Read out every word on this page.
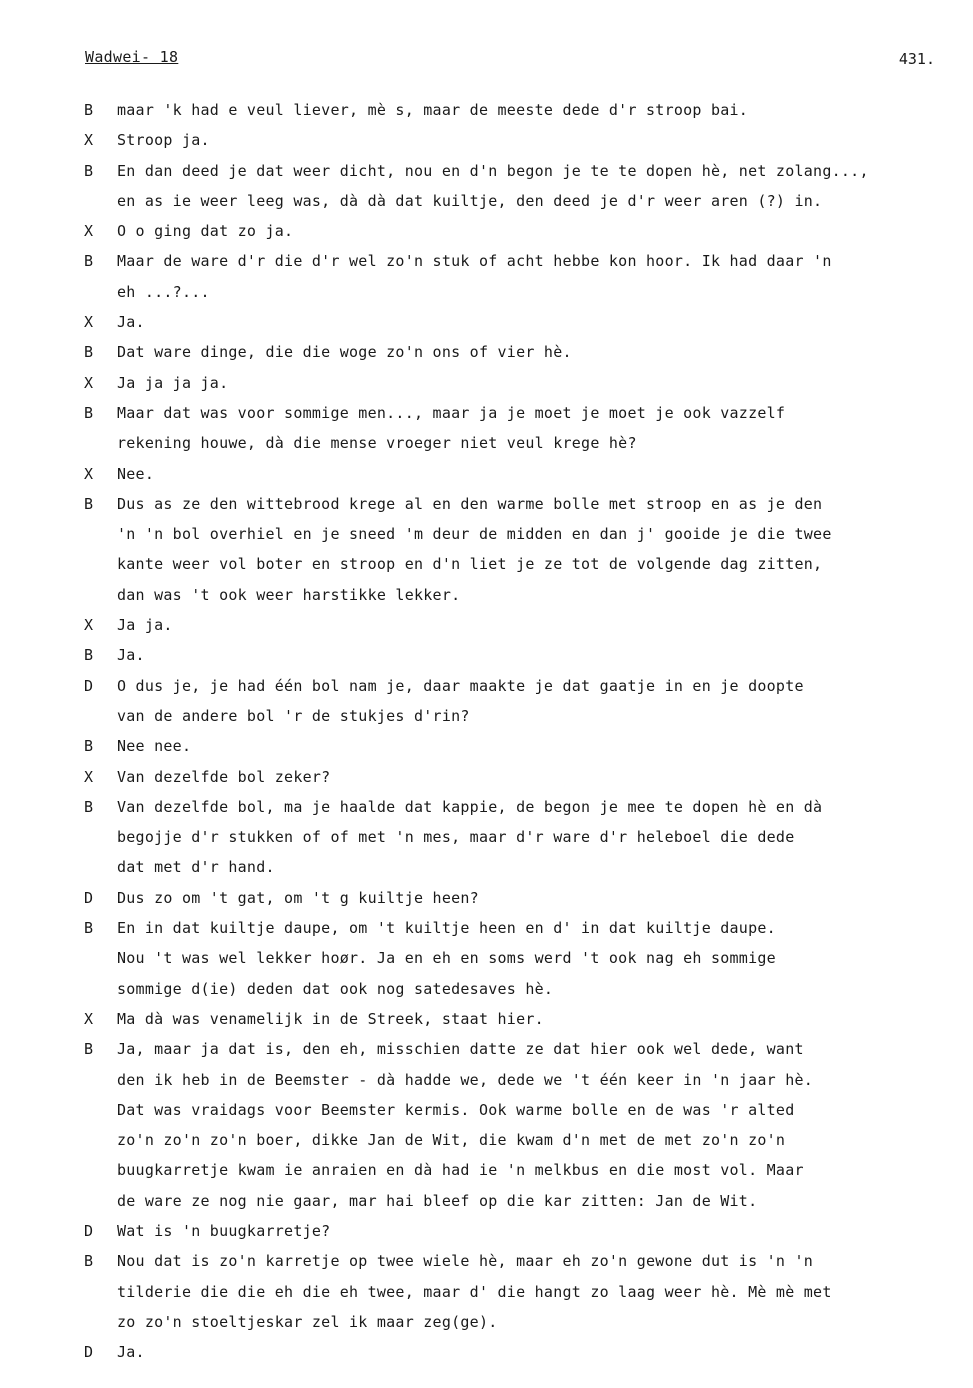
Wadwei- 18	431.
B	maar 'k had e veul liever, mè s, maar de meeste dede d'r stroop bai.
X	Stroop ja.
B	En dan deed je dat weer dicht, nou en d'n begon je te te dopen hè, net zolang...,
en as ie weer leeg was, dà dà dat kuiltje, den deed je d'r weer aren (?) in.
X	O o ging dat zo ja.
B	Maar de ware d'r die d'r wel zo'n stuk of acht hebbe kon hoor. Ik had daar 'n
eh ...?...
X	Ja.
B	Dat ware dinge, die die woge zo'n ons of vier hè.
X	Ja ja ja ja.
B	Maar dat was voor sommige men..., maar ja je moet je moet je ook vazzelf
rekening houwe, dà die mense vroeger niet veul krege hè?
X	Nee.
B	Dus as ze den wittebrood krege al en den warme bolle met stroop en as je den
'n 'n bol overhiel en je sneed 'm deur de midden en dan j' gooide je die twee
kante weer vol boter en stroop en d'n liet je ze tot de volgende dag zitten,
dan was 't ook weer harstikke lekker.
X	Ja ja.
B	Ja.
D	O dus je, je had één bol nam je, daar maakte je dat gaatje in en je doopte
van de andere bol 'r de stukjes d'rin?
B	Nee nee.
X	Van dezelfde bol zeker?
B	Van dezelfde bol, ma je haalde dat kappie, de begon je mee te dopen hè en dà
begojje d'r stukken of of met 'n mes, maar d'r ware d'r heleboel die dede
dat met d'r hand.
D	Dus zo om 't gat, om 't g kuiltje heen?
B	En in dat kuiltje daupe, om 't kuiltje heen en d' in dat kuiltje daupe.
Nou 't was wel lekker hoør. Ja en eh en soms werd 't ook nag eh sommige
sommige d(ie) deden dat ook nog satedesaves hè.
X	Ma dà was venamelijk in de Streek, staat hier.
B	Ja, maar ja dat is, den eh, misschien datte ze dat hier ook wel dede, want
den ik heb in de Beemster - dà hadde we, dede we 't één keer in 'n jaar hè.
Dat was vraidags voor Beemster kermis. Ook warme bolle en de was 'r alted
zo'n zo'n zo'n boer, dikke Jan de Wit, die kwam d'n met de met zo'n zo'n
buugkarretje kwam ie anraien en dà had ie 'n melkbus en die most vol. Maar
de ware ze nog nie gaar, mar hai bleef op die kar zitten: Jan de Wit.
D	Wat is 'n buugkarretje?
B	Nou dat is zo'n karretje op twee wiele hè, maar eh zo'n gewone dut is 'n 'n
tilderie die die eh die eh twee, maar d' die hangt zo laag weer hè. Mè mè met
zo zo'n stoeltjeskar zel ik maar zeg(ge).
D	Ja.
